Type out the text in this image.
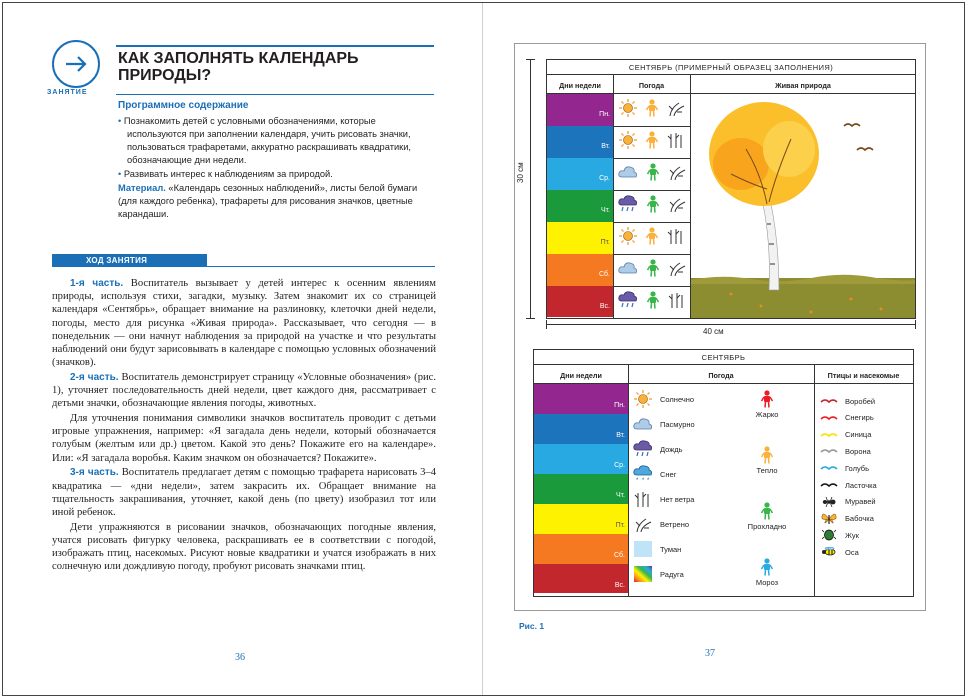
ЗАНЯТИЕ
КАК ЗАПОЛНЯТЬ КАЛЕНДАРЬ ПРИРОДЫ?
Программное содержание

• Познакомить детей с условными обозначениями, которые используются при заполнении календаря, учить рисовать значки, пользоваться трафаретами, аккуратно раскрашивать квадратики, обозначающие дни недели.

• Развивать интерес к наблюдениям за природой.

Материал. «Календарь сезонных наблюдений», листы белой бумаги (для каждого ребенка), трафареты для рисования значков, цветные карандаши.

ХОД ЗАНЯТИЯ

1-я часть. Воспитатель вызывает у детей интерес к осенним явлениям природы, используя стихи, загадки, музыку. Затем знакомит их со страницей календаря «Сентябрь», обращает внимание на разлиновку, клеточки дней недели, погоды, место для рисунка «Живая природа». Рассказывает, что сегодня — в понедельник — они начнут наблюдения за природой на участке и что результаты наблюдений они будут зарисовывать в календаре с помощью условных обозначений (значков).

2-я часть. Воспитатель демонстрирует страницу «Условные обозначения» (рис. 1), уточняет последовательность дней недели, цвет каждого дня, рассматривает с детьми значки, обозначающие явления погоды, животных.

Для уточнения понимания символики значков воспитатель проводит с детьми игровые упражнения, например: «Я загадала день недели, который обозначается голубым (желтым или др.) цветом. Какой это день? Покажите его на календаре». Или: «Я загадала воробья. Каким значком он обозначается? Покажите».

3-я часть. Воспитатель предлагает детям с помощью трафарета нарисовать 3–4 квадратика — «дни недели», затем закрасить их. Обращает внимание на тщательность закрашивания, уточняет, какой день (по цвету) изобразил тот или иной ребенок.

Дети упражняются в рисовании значков, обозначающих погодные явления, учатся рисовать фигурку человека, раскрашивать ее в соответствии с погодой, изображать птиц, насекомых. Рисуют новые квадратики и учатся изображать в них солнечную или дождливую погоду, пробуют рисовать значками птиц.

36
Рис. 1
37
30 см
40 см
СЕНТЯБРЬ (ПРИМЕРНЫЙ ОБРАЗЕЦ ЗАПОЛНЕНИЯ)
Дни недели	Погода	Живая природа
Пн.
Вт.
Ср.
Чт.
Пт.
Сб.
Вс.
СЕНТЯБРЬ
Дни недели	Погода	Птицы и насекомые
Пн.
Вт.
Ср.
Чт.
Пт.
Сб.
Вс.
Солнечно
Пасмурно
Дождь
* * *
Снег
Нет ветра
Ветрено
Туман
Радуга
Жарко
Тепло
Прохладно
Мороз
Воробей
Снегирь
Синица
Ворона
Голубь
Ласточка
Муравей
Бабочка
Жук
Оса
